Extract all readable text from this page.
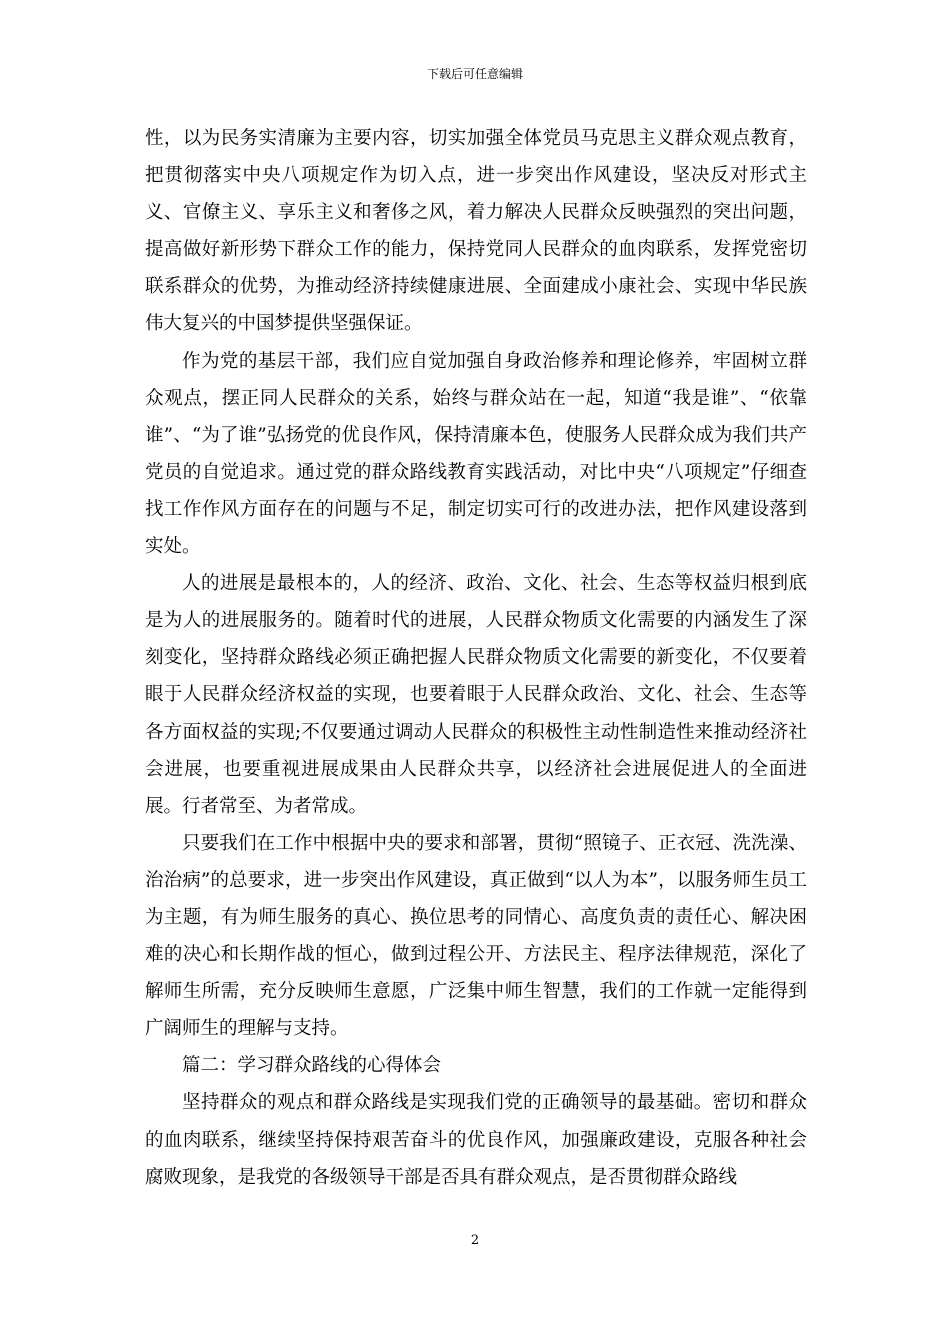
下载后可任意编辑

性，以为民务实清廉为主要内容，切实加强全体党员马克思主义群众观点教育，把贯彻落实中央八项规定作为切入点，进一步突出作风建设，坚决反对形式主义、官僚主义、享乐主义和奢侈之风，着力解决人民群众反映强烈的突出问题，提高做好新形势下群众工作的能力，保持党同人民群众的血肉联系，发挥党密切联系群众的优势，为推动经济持续健康进展、全面建成小康社会、实现中华民族伟大复兴的中国梦提供坚强保证。

作为党的基层干部，我们应自觉加强自身政治修养和理论修养，牢固树立群众观点，摆正同人民群众的关系，始终与群众站在一起，知道“我是谁”、“依靠谁”、“为了谁”弘扬党的优良作风，保持清廉本色，使服务人民群众成为我们共产党员的自觉追求。通过党的群众路线教育实践活动，对比中央“八项规定”仔细查找工作作风方面存在的问题与不足，制定切实可行的改进办法，把作风建设落到实处。

人的进展是最根本的，人的经济、政治、文化、社会、生态等权益归根到底是为人的进展服务的。随着时代的进展，人民群众物质文化需要的内涵发生了深刻变化，坚持群众路线必须正确把握人民群众物质文化需要的新变化，不仅要着眼于人民群众经济权益的实现，也要着眼于人民群众政治、文化、社会、生态等各方面权益的实现;不仅要通过调动人民群众的积极性主动性制造性来推动经济社会进展，也要重视进展成果由人民群众共享，以经济社会进展促进人的全面进展。行者常至、为者常成。

只要我们在工作中根据中央的要求和部署，贯彻“照镜子、正衣冠、洗洗澡、治治病”的总要求，进一步突出作风建设，真正做到“以人为本”，以服务师生员工为主题，有为师生服务的真心、换位思考的同情心、高度负责的责任心、解决困难的决心和长期作战的恒心，做到过程公开、方法民主、程序法律规范，深化了解师生所需，充分反映师生意愿，广泛集中师生智慧，我们的工作就一定能得到广阔师生的理解与支持。

篇二：学习群众路线的心得体会

坚持群众的观点和群众路线是实现我们党的正确领导的最基础。密切和群众的血肉联系，继续坚持保持艰苦奋斗的优良作风，加强廉政建设，克服各种社会腐败现象，是我党的各级领导干部是否具有群众观点，是否贯彻群众路线

2
